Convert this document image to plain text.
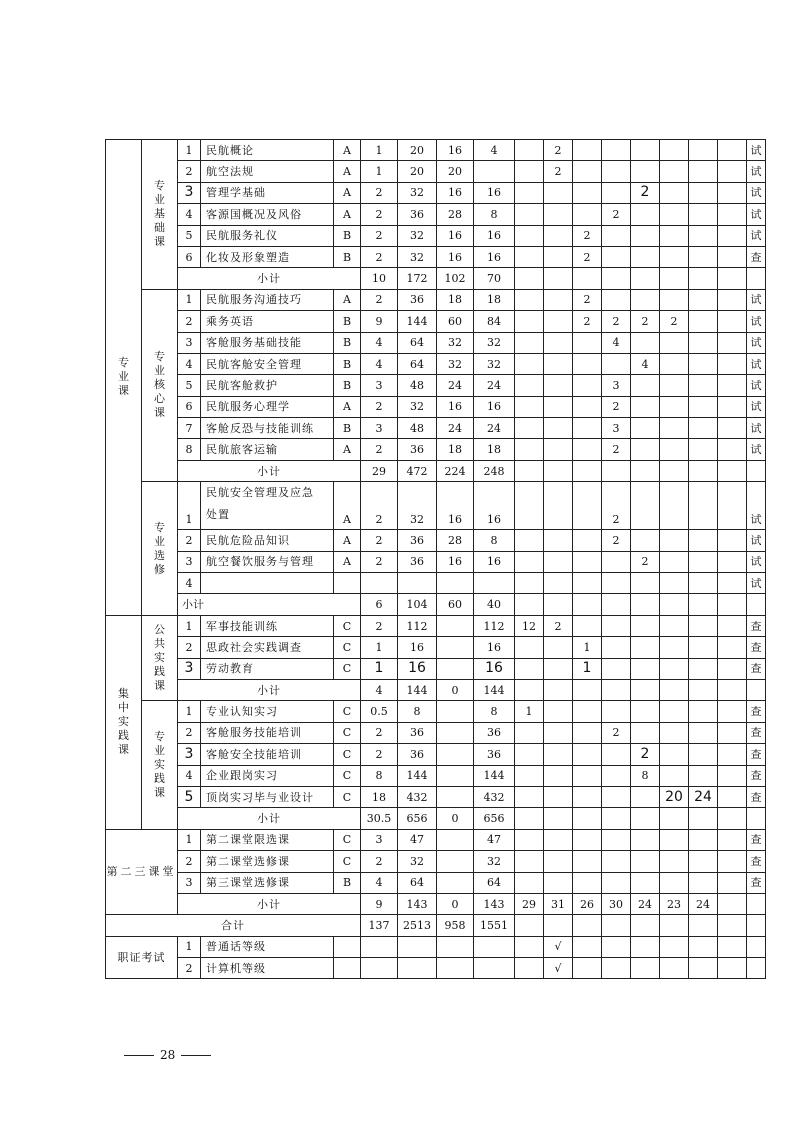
专业课	专业基础课	1	民航概论	A	1	20	16	4		2							试
		2	航空法规	A	1	20	20			2							试
		3	管理学基础	A	2	32	16	16					2				试
		4	客源国概况及风俗	A	2	36	28	8				2					试
		5	民航服务礼仪	B	2	32	16	16			2						试
		6	化妆及形象塑造	B	2	32	16	16			2						查
		小计			10	172	102	70									

	专业核心课	1	民航服务沟通技巧	A	2	36	18	18			2						试
		2	乘务英语	B	9	144	60	84			2	2	2	2			试
		3	客舱服务基础技能	B	4	64	32	32				4					试
		4	民航客舱安全管理	B	4	64	32	32					4				试
		5	民航客舱救护	B	3	48	24	24				3					试
		6	民航服务心理学	A	2	32	16	16				2					试
		7	客舱反恐与技能训练	B	3	48	24	24				3					试
		8	民航旅客运输	A	2	36	18	18				2					试
		小计			29	472	224	248									

	专业选修	1	民航安全管理及应急
处置	A	2	32	16	16				2					试
		2	民航危险品知识	A	2	36	28	8				2					试
		3	航空餐饮服务与管理	A	2	36	16	16					2				试
		4															试
		小计			6	104	60	40									

集中实践课	公共实践课	1	军事技能训练	C	2	112		112	12	2							查
		2	思政社会实践调查	C	1	16		16			1						查
		3	劳动教育	C	1	16		16			1						查
		小计			4	144	0	144									

	专业实践课	1	专业认知实习	C	0.5	8		8	1								查
		2	客舱服务技能培训	C	2	36		36				2					查
		3	客舱安全技能培训	C	2	36		36					2				查
		4	企业跟岗实习	C	8	144		144					8				查
		5	顶岗实习毕与业设计	C	18	432		432						20	24		查
		小计			30.5	656	0	656									
第二三课堂		1	第二课堂限选课	C	3	47		47									查
		2	第二课堂选修课	C	2	32		32									查
		3	第三课堂选修课	B	4	64		64									查
		小计			9	143	0	143	29	31	26	30	24	23	24		
合计					137	2513	958	1551									
职证考试		1	普通话等级							√							
		2	计算机等级							√							
28
